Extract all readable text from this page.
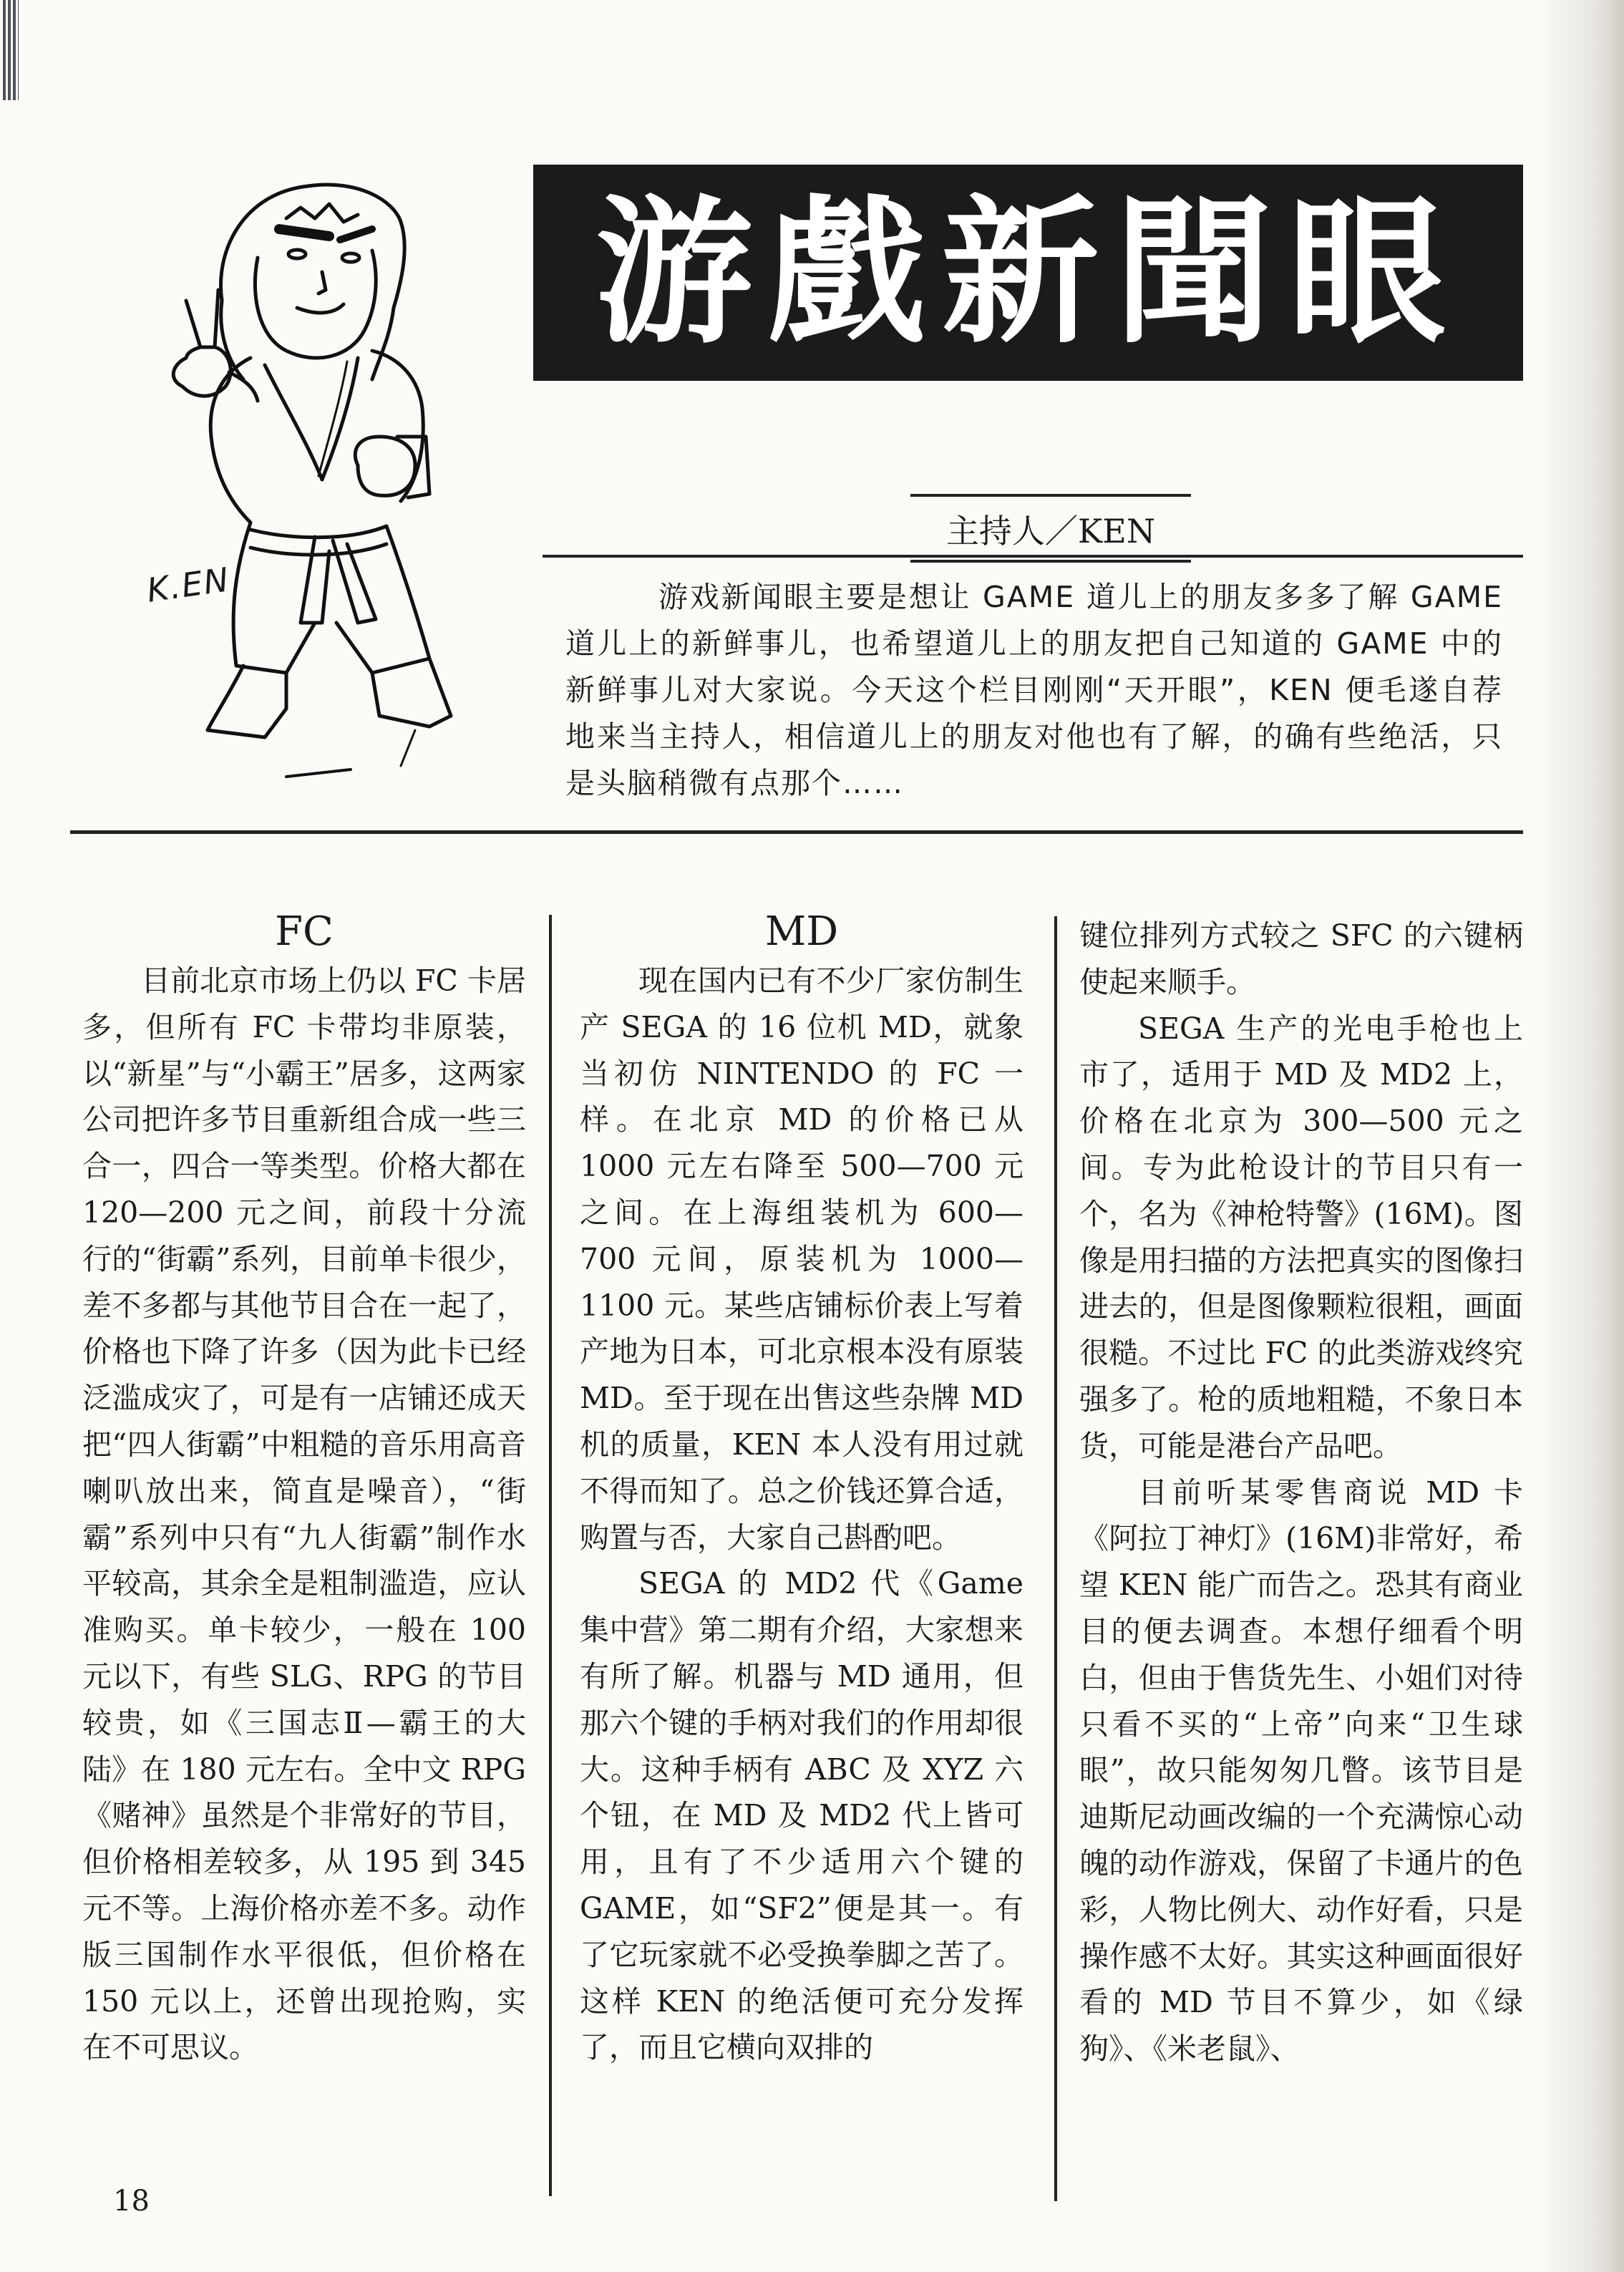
K.EN
游戲新聞眼
主持人／KEN
游戏新闻眼主要是想让 GAME 道儿上的朋友多多了解 GAME 道儿上的新鲜事儿，也希望道儿上的朋友把自己知道的 GAME 中的新鲜事儿对大家说。今天这个栏目刚刚“天开眼”，KEN 便毛遂自荐地来当主持人，相信道儿上的朋友对他也有了解，的确有些绝活，只是头脑稍微有点那个……
FC

目前北京市场上仍以 FC 卡居多，但所有 FC 卡带均非原装，以“新星”与“小霸王”居多，这两家公司把许多节目重新组合成一些三合一，四合一等类型。价格大都在 120—200 元之间，前段十分流行的“街霸”系列，目前单卡很少，差不多都与其他节目合在一起了，价格也下降了许多（因为此卡已经泛滥成灾了，可是有一店铺还成天把“四人街霸”中粗糙的音乐用高音喇叭放出来，简直是噪音），“街霸”系列中只有“九人街霸”制作水平较高，其余全是粗制滥造，应认准购买。单卡较少，一般在 100 元以下，有些 SLG、RPG 的节目较贵，如《三国志Ⅱ—霸王的大陆》在 180 元左右。全中文 RPG《赌神》虽然是个非常好的节目，但价格相差较多，从 195 到 345 元不等。上海价格亦差不多。动作版三国制作水平很低，但价格在 150 元以上，还曾出现抢购，实在不可思议。

MD

现在国内已有不少厂家仿制生产 SEGA 的 16 位机 MD，就象当初仿 NINTENDO 的 FC 一样。在北京 MD 的价格已从 1000 元左右降至 500—700 元之间。在上海组装机为 600—700 元间，原装机为 1000—1100 元。某些店铺标价表上写着产地为日本，可北京根本没有原装 MD。至于现在出售这些杂牌 MD 机的质量，KEN 本人没有用过就不得而知了。总之价钱还算合适，购置与否，大家自己斟酌吧。

SEGA 的 MD2 代《Game 集中营》第二期有介绍，大家想来有所了解。机器与 MD 通用，但那六个键的手柄对我们的作用却很大。这种手柄有 ABC 及 XYZ 六个钮，在 MD 及 MD2 代上皆可用，且有了不少适用六个键的 GAME，如“SF2”便是其一。有了它玩家就不必受换拳脚之苦了。这样 KEN 的绝活便可充分发挥了，而且它横向双排的

键位排列方式较之 SFC 的六键柄使起来顺手。

SEGA 生产的光电手枪也上市了，适用于 MD 及 MD2 上，价格在北京为 300—500 元之间。专为此枪设计的节目只有一个，名为《神枪特警》(16M)。图像是用扫描的方法把真实的图像扫进去的，但是图像颗粒很粗，画面很糙。不过比 FC 的此类游戏终究强多了。枪的质地粗糙，不象日本货，可能是港台产品吧。

目前听某零售商说 MD 卡《阿拉丁神灯》(16M)非常好，希望 KEN 能广而告之。恐其有商业目的便去调查。本想仔细看个明白，但由于售货先生、小姐们对待只看不买的“上帝”向来“卫生球眼”，故只能匆匆几瞥。该节目是迪斯尼动画改编的一个充满惊心动魄的动作游戏，保留了卡通片的色彩，人物比例大、动作好看，只是操作感不太好。其实这种画面很好看的 MD 节目不算少，如《绿狗》、《米老鼠》、

18
